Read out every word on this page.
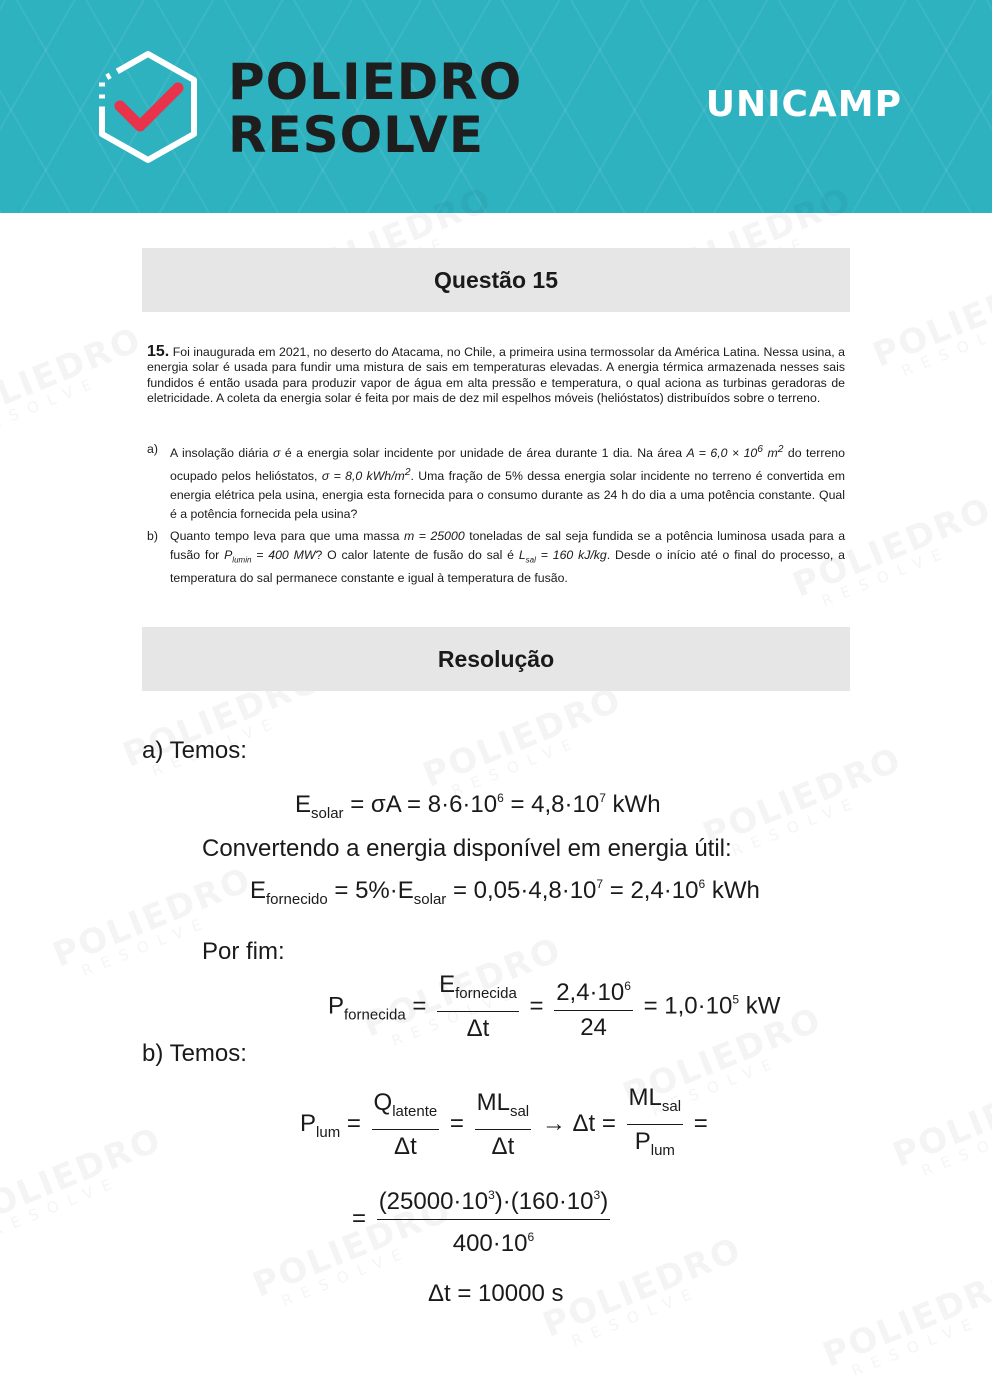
POLIEDRO
RESOLVE
UNICAMP
Questão 15
15. Foi inaugurada em 2021, no deserto do Atacama, no Chile, a primeira usina termossolar da América Latina. Nessa usina, a energia solar é usada para fundir uma mistura de sais em temperaturas elevadas. A energia térmica armazenada nesses sais fundidos é então usada para produzir vapor de água em alta pressão e temperatura, o qual aciona as turbinas geradoras de eletricidade. A coleta da energia solar é feita por mais de dez mil espelhos móveis (helióstatos) distribuídos sobre o terreno.
a) A insolação diária σ é a energia solar incidente por unidade de área durante 1 dia. Na área $A = 6,0 \times 10^6$ $m^2$ do terreno ocupado pelos helióstatos, σ = 8,0 kWh/$m^2$. Uma fração de 5% dessa energia solar incidente no terreno é convertida em energia elétrica pela usina, energia esta fornecida para o consumo durante as 24 h do dia a uma potência constante. Qual é a potência fornecida pela usina?
b) Quanto tempo leva para que uma massa m = 25000 toneladas de sal seja fundida se a potência luminosa usada para a fusão for $P_{lumin} = 400$ MW? O calor latente de fusão do sal é $L_{sal} = 160$ kJ/kg. Desde o início até o final do processo, a temperatura do sal permanece constante e igual à temperatura de fusão.
Resolução
a) Temos:
$E_{solar} = \sigma A = 8\cdot 6\cdot 10^6 = 4,8\cdot 10^7$ kWh
Convertendo a energia disponível em energia útil:
$E_{fornecido} = 5\%\cdot E_{solar} = 0,05\cdot 4,8\cdot 10^7 = 2,4\cdot 10^6$ kWh
Por fim:
$P_{fornecida} = \frac{E_{fornecida}}{\Delta t} = \frac{2,4\cdot 10^6}{24} = 1,0\cdot 10^5$ kW
b) Temos:
$P_{lum} = \frac{Q_{latente}}{\Delta t} = \frac{ML_{sal}}{\Delta t} \to \Delta t = \frac{ML_{sal}}{P_{lum}}$ =
= $\frac{(25000\cdot 10^3)\cdot(160\cdot 10^3)}{400\cdot 10^6}$
Δt = 10000 s
